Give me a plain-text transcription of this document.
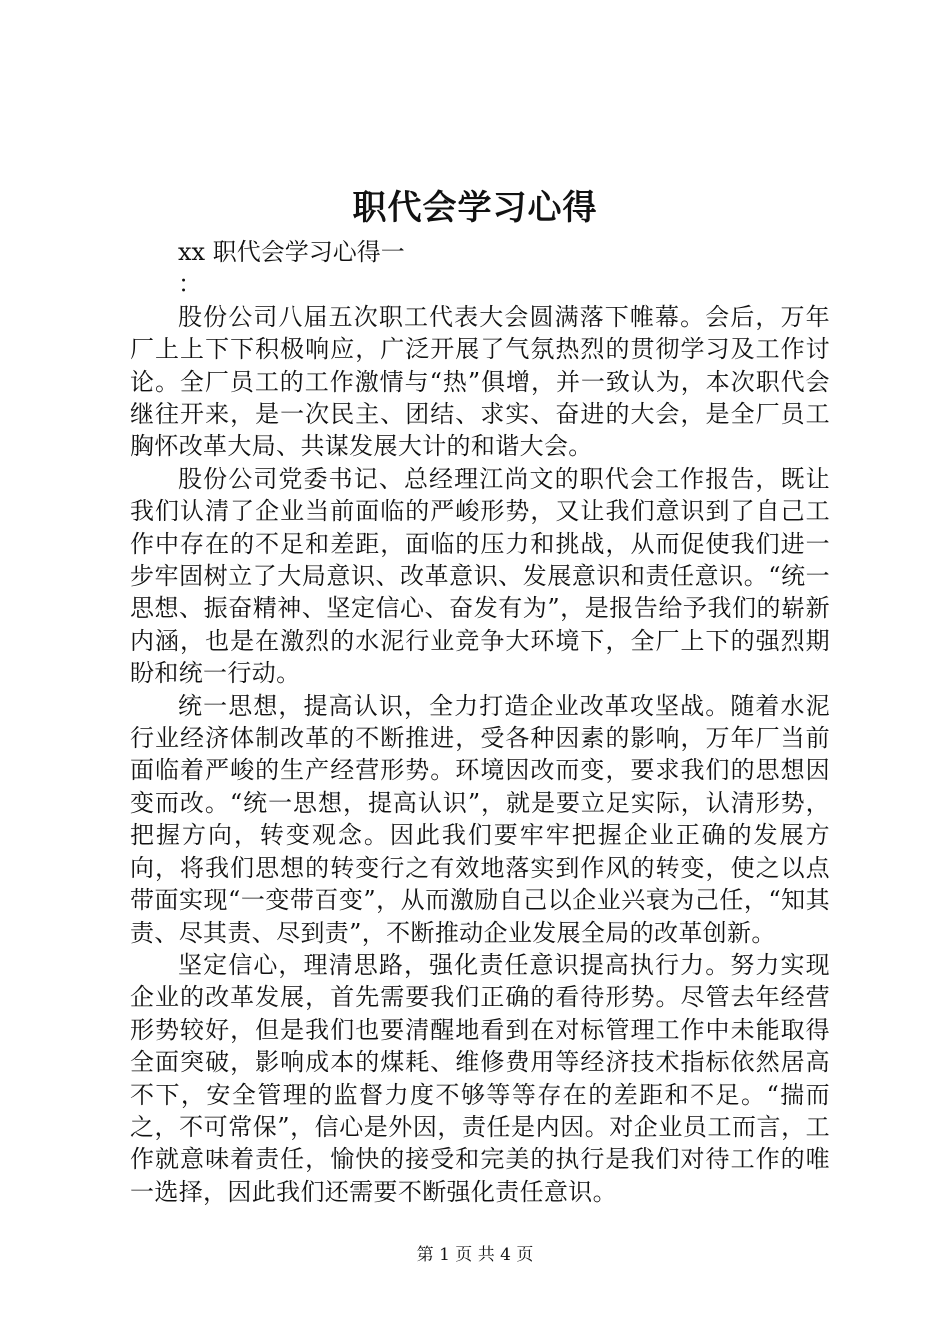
职代会学习心得
xx 职代会学习心得一
：

股份公司八届五次职工代表大会圆满落下帷幕。会后，万年厂上上下下积极响应，广泛开展了气氛热烈的贯彻学习及工作讨论。全厂员工的工作激情与“热”俱增，并一致认为，本次职代会继往开来，是一次民主、团结、求实、奋进的大会，是全厂员工胸怀改革大局、共谋发展大计的和谐大会。

股份公司党委书记、总经理江尚文的职代会工作报告，既让我们认清了企业当前面临的严峻形势，又让我们意识到了自己工作中存在的不足和差距，面临的压力和挑战，从而促使我们进一步牢固树立了大局意识、改革意识、发展意识和责任意识。“统一思想、振奋精神、坚定信心、奋发有为”，是报告给予我们的崭新内涵，也是在激烈的水泥行业竞争大环境下，全厂上下的强烈期盼和统一行动。

统一思想，提高认识，全力打造企业改革攻坚战。随着水泥行业经济体制改革的不断推进，受各种因素的影响，万年厂当前面临着严峻的生产经营形势。环境因改而变，要求我们的思想因变而改。“统一思想，提高认识”，就是要立足实际，认清形势，把握方向，转变观念。因此我们要牢牢把握企业正确的发展方向，将我们思想的转变行之有效地落实到作风的转变，使之以点带面实现“一变带百变”，从而激励自己以企业兴衰为己任，“知其责、尽其责、尽到责”，不断推动企业发展全局的改革创新。

坚定信心，理清思路，强化责任意识提高执行力。努力实现企业的改革发展，首先需要我们正确的看待形势。尽管去年经营形势较好，但是我们也要清醒地看到在对标管理工作中未能取得全面突破，影响成本的煤耗、维修费用等经济技术指标依然居高不下，安全管理的监督力度不够等等存在的差距和不足。“揣而之，不可常保”，信心是外因，责任是内因。对企业员工而言，工作就意味着责任，愉快的接受和完美的执行是我们对待工作的唯一选择，因此我们还需要不断强化责任意识。

第 1 页 共 4 页
